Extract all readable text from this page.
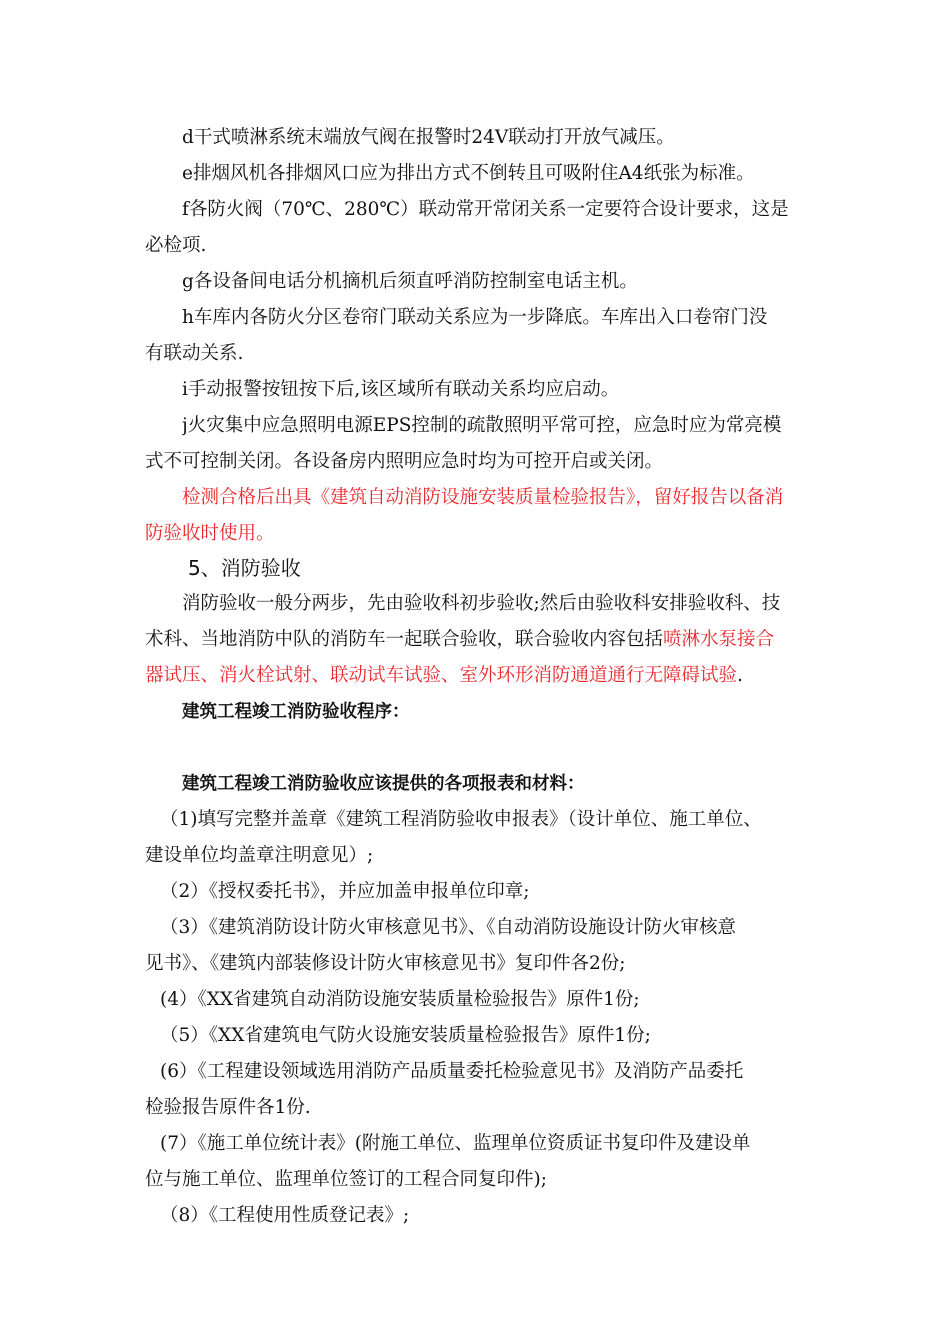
d干式喷淋系统末端放气阀在报警时24V联动打开放气减压。
e排烟风机各排烟风口应为排出方式不倒转且可吸附住A4纸张为标准。
f各防火阀（70℃、280℃）联动常开常闭关系一定要符合设计要求，这是
必检项.
g各设备间电话分机摘机后须直呼消防控制室电话主机。
h车库内各防火分区卷帘门联动关系应为一步降底。车库出入口卷帘门没
有联动关系.
i手动报警按钮按下后,该区域所有联动关系均应启动。
j火灾集中应急照明电源EPS控制的疏散照明平常可控，应急时应为常亮模
式不可控制关闭。各设备房内照明应急时均为可控开启或关闭。
检测合格后出具《建筑自动消防设施安装质量检验报告》，留好报告以备消
防验收时使用。
5、消防验收
消防验收一般分两步，先由验收科初步验收;然后由验收科安排验收科、技
术科、当地消防中队的消防车一起联合验收，联合验收内容包括喷淋水泵接合
器试压、消火栓试射、联动试车试验、室外环形消防通道通行无障碍试验.
建筑工程竣工消防验收程序：
建筑工程竣工消防验收应该提供的各项报表和材料：
（1)填写完整并盖章《建筑工程消防验收申报表》（设计单位、施工单位、
建设单位均盖章注明意见）;
（2）《授权委托书》，并应加盖申报单位印章;
（3）《建筑消防设计防火审核意见书》、《自动消防设施设计防火审核意
见书》、《建筑内部装修设计防火审核意见书》复印件各2份;
(4）《XX省建筑自动消防设施安装质量检验报告》原件1份;
（5）《XX省建筑电气防火设施安装质量检验报告》原件1份;
(6）《工程建设领域选用消防产品质量委托检验意见书》及消防产品委托
检验报告原件各1份.
(7）《施工单位统计表》(附施工单位、监理单位资质证书复印件及建设单
位与施工单位、监理单位签订的工程合同复印件);
（8）《工程使用性质登记表》;
